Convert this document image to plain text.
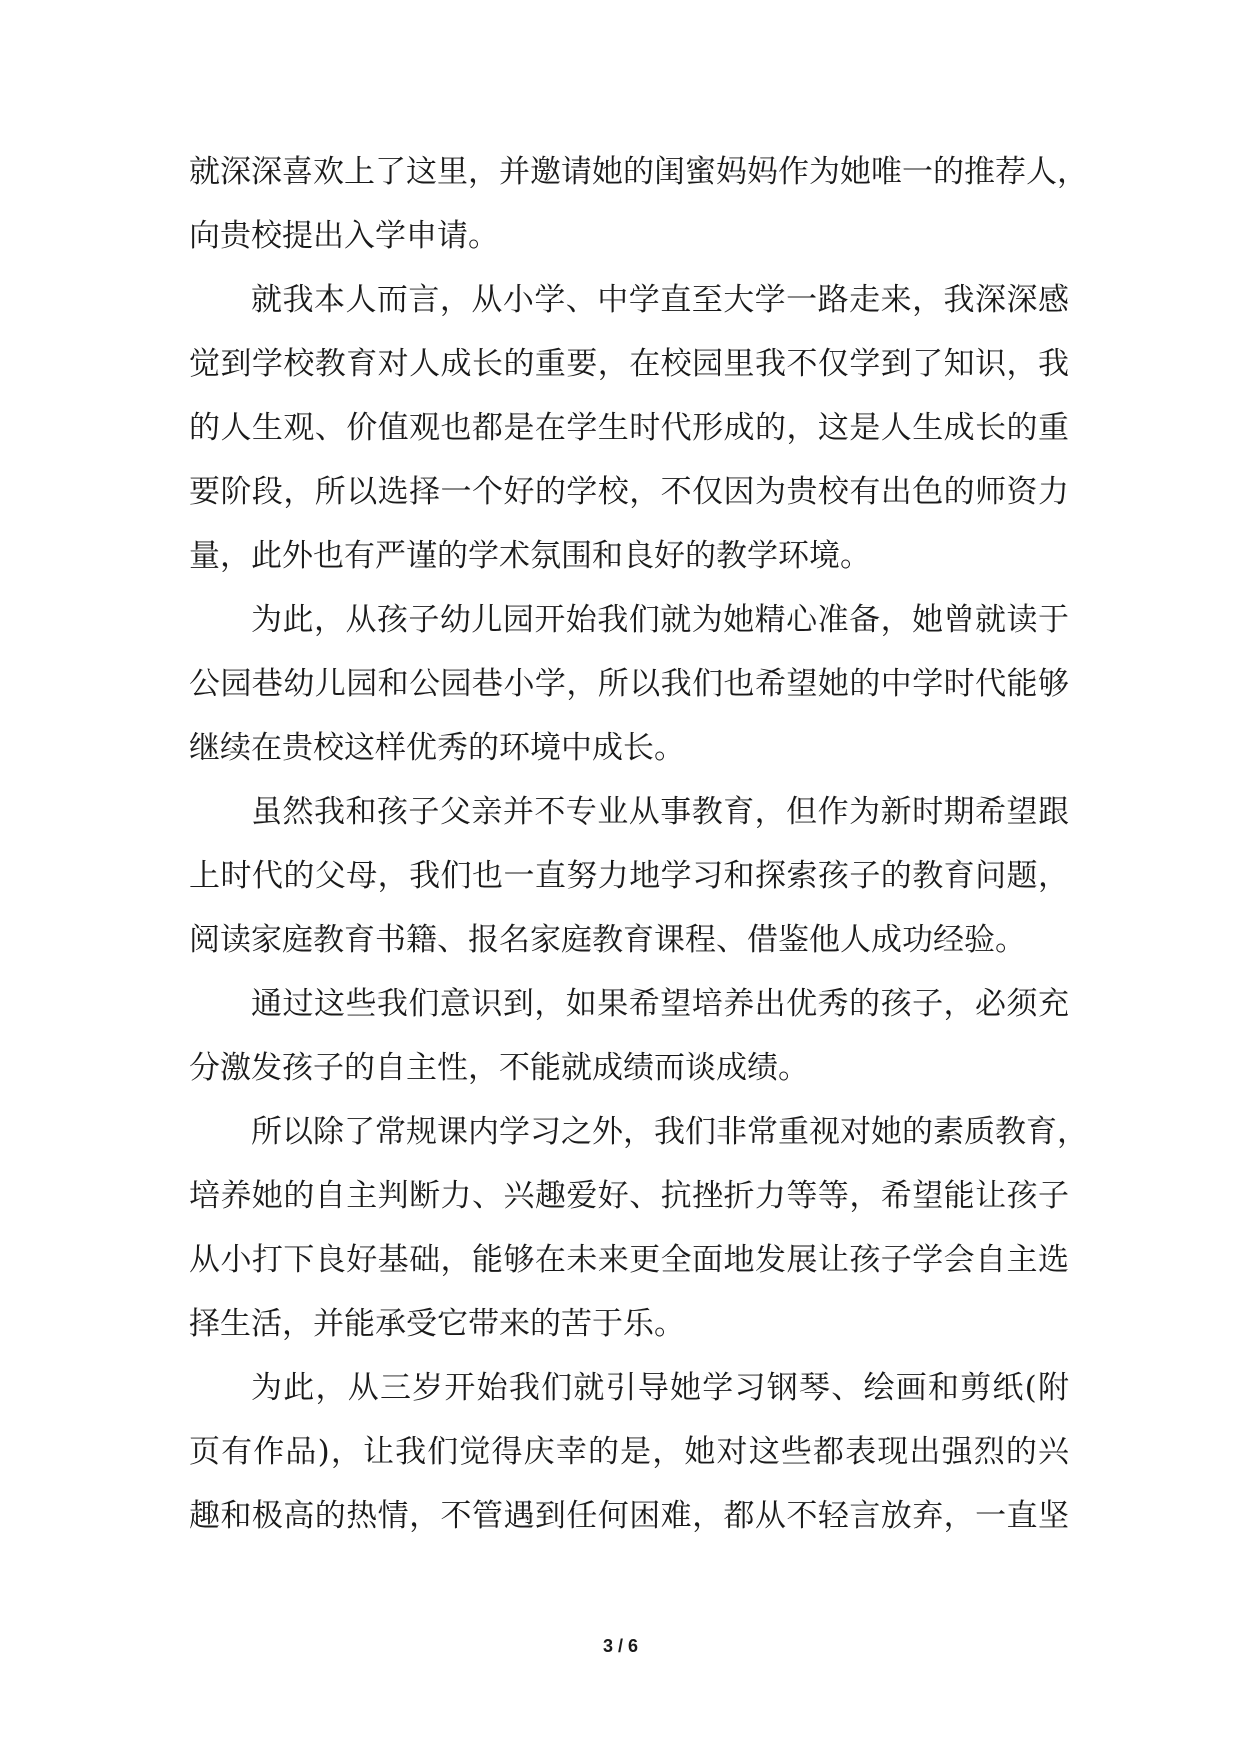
就深深喜欢上了这里，并邀请她的闺蜜妈妈作为她唯一的推荐人，
向贵校提出入学申请。
就我本人而言，从小学、中学直至大学一路走来，我深深感
觉到学校教育对人成长的重要，在校园里我不仅学到了知识，我
的人生观、价值观也都是在学生时代形成的，这是人生成长的重
要阶段，所以选择一个好的学校，不仅因为贵校有出色的师资力
量，此外也有严谨的学术氛围和良好的教学环境。
为此，从孩子幼儿园开始我们就为她精心准备，她曾就读于
公园巷幼儿园和公园巷小学，所以我们也希望她的中学时代能够
继续在贵校这样优秀的环境中成长。
虽然我和孩子父亲并不专业从事教育，但作为新时期希望跟
上时代的父母，我们也一直努力地学习和探索孩子的教育问题，
阅读家庭教育书籍、报名家庭教育课程、借鉴他人成功经验。
通过这些我们意识到，如果希望培养出优秀的孩子，必须充
分激发孩子的自主性，不能就成绩而谈成绩。
所以除了常规课内学习之外，我们非常重视对她的素质教育，
培养她的自主判断力、兴趣爱好、抗挫折力等等，希望能让孩子
从小打下良好基础，能够在未来更全面地发展让孩子学会自主选
择生活，并能承受它带来的苦于乐。
为此，从三岁开始我们就引导她学习钢琴、绘画和剪纸(附
页有作品)，让我们觉得庆幸的是，她对这些都表现出强烈的兴
趣和极高的热情，不管遇到任何困难，都从不轻言放弃，一直坚
3 / 6
